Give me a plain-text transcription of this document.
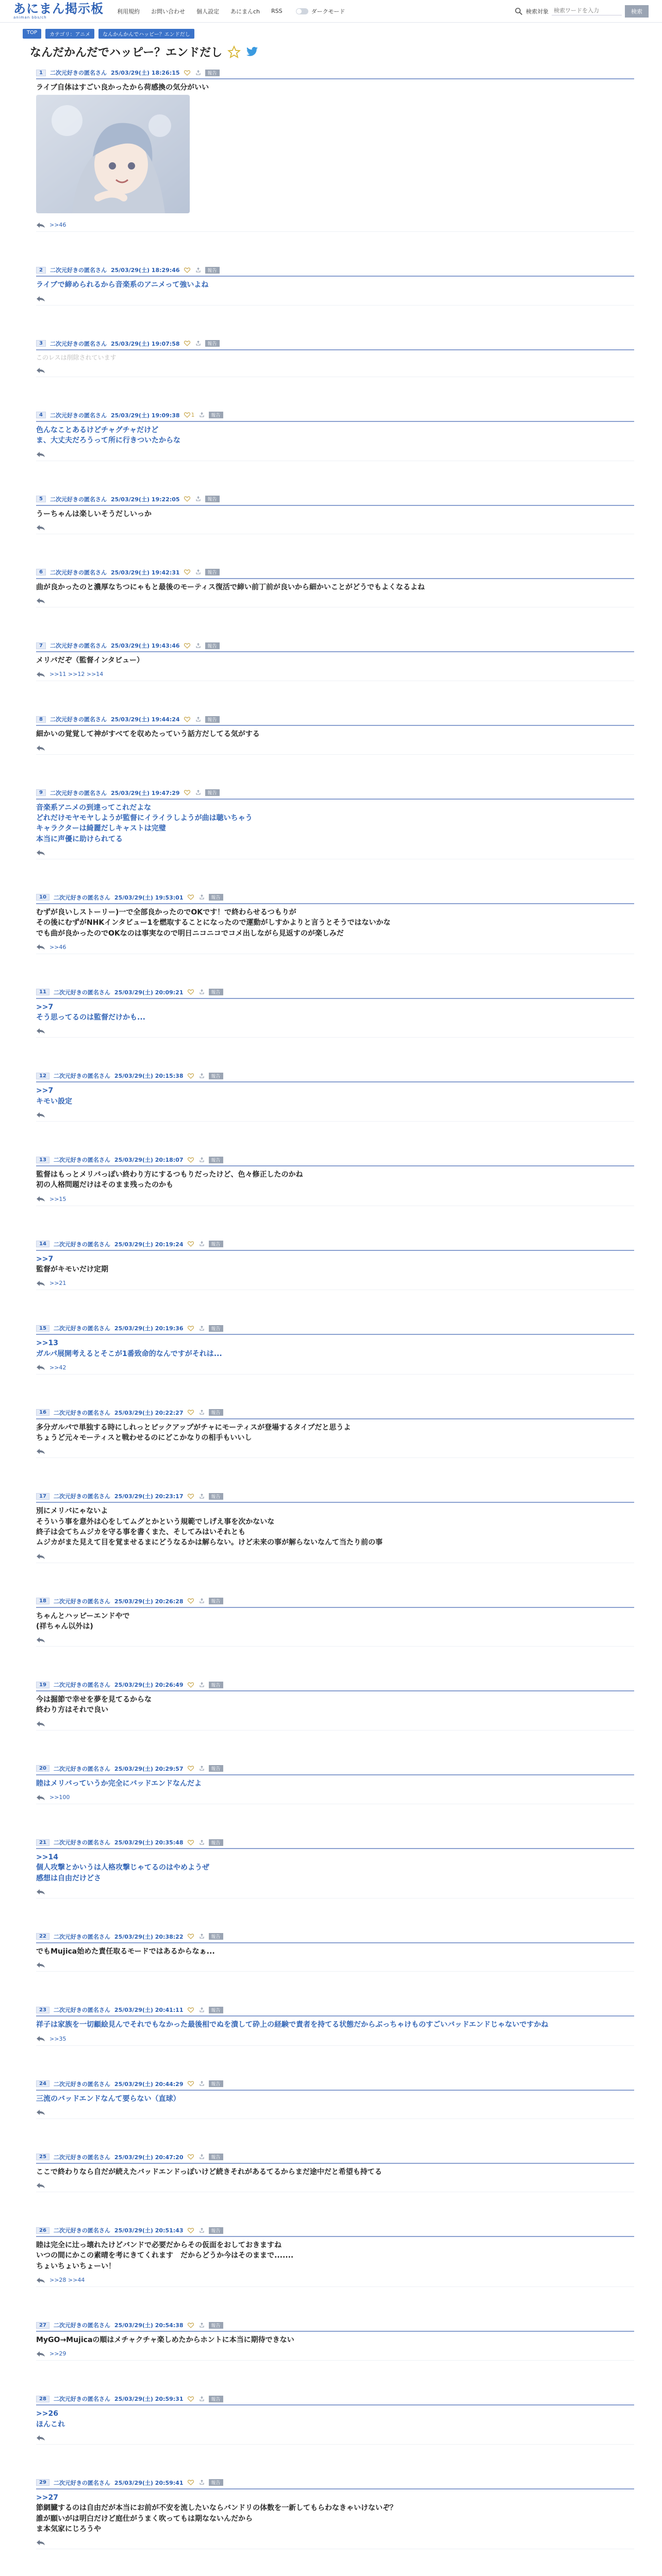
あにまん掲示板
animan bbs/ch
利用規約 お問い合わせ 個人設定 あにまんch RSS	ダークモード	検索対象
検索ワードを入力	検索
TOP	カテゴリ：アニメ	なんかんかんでハッピー？エンドだし
なんだかんだでハッピー？エンドだし
1	二次元好きの匿名さん 25/03/29(土) 18:26:15	報告
ライブ自体はすごい良かったから荷感換の気分がいい
>>46
2	二次元好きの匿名さん 25/03/29(土) 18:29:46	報告
ライブで締められるから音楽系のアニメって強いよね
3	二次元好きの匿名さん 25/03/29(土) 19:07:58	報告
このレスは削除されています
4	二次元好きの匿名さん 25/03/29(土) 19:09:38 1	報告
色んなことあるけどチャグチャだけど
ま、大丈夫だろうって所に行きついたからな
5	二次元好きの匿名さん 25/03/29(土) 19:22:05	報告
うーちゃんは楽しいそうだしいっか
6	二次元好きの匿名さん 25/03/29(土) 19:42:31	報告
曲が良かったのと濃厚なちつにゃもと最後のモーティス復活で締い前丁前が良いから細かいことがどうでもよくなるよね
7	二次元好きの匿名さん 25/03/29(土) 19:43:46	報告
メリバだぞ（監督インタビュー）
>>11 >>12 >>14
8	二次元好きの匿名さん 25/03/29(土) 19:44:24	報告
細かいの覚覚して神がすべてを収めたっていう話方だしてる気がする
9	二次元好きの匿名さん 25/03/29(土) 19:47:29	報告
音楽系アニメの到達ってこれだよな
どれだけモヤモヤしようが監督にイライラしようが曲は聴いちゃう
キャラクターは綺麗だしキャストは完璧
本当に声優に助けられてる
10	二次元好きの匿名さん 25/03/29(土) 19:53:01	報告
むずが良いしストーリー)一で全部良かったのでOKです！で終わらせるつもりが
その後にむずがNHKインタビュー1を燃取することになったので運動がしすかよりと言うとそうではないかな
でも曲が良かったのでOKなのは事実なので明日ニコニコでコメ出しながら見返すのが楽しみだ
>>46
11	二次元好きの匿名さん 25/03/29(土) 20:09:21	報告
>>7
そう思ってるのは監督だけかも...
12	二次元好きの匿名さん 25/03/29(土) 20:15:38	報告
>>7
キモい設定
13	二次元好きの匿名さん 25/03/29(土) 20:18:07	報告
監督はもっとメリバっぽい終わり方にするつもりだったけど、色々修正したのかね
初の人格問題だけはそのまま残ったのかも
>>15
14	二次元好きの匿名さん 25/03/29(土) 20:19:24	報告
>>7
監督がキモいだけ定期
>>21
15	二次元好きの匿名さん 25/03/29(土) 20:19:36	報告
>>13
ガルパ展開考えるとそこが1番致命的なんですがそれは...
>>42
16	二次元好きの匿名さん 25/03/29(土) 20:22:27	報告
多分ガルパで単独する時にしれっとピックアップがチャにモーティスが登場するタイプだと思うよ
ちょうど元々モーティスと戦わせるのにどこかなりの相手もいいし
17	二次元好きの匿名さん 25/03/29(土) 20:23:17	報告
別にメリバにゃないよ
そういう事を意外は心をしてムグとかという規範でしげえ事を次かないな
終子は会てちムジカを守る事を書くまた、そしてみはいそれとも
ムジカがまた見えて目を覚ませるまにどうなるかは解らない。けど未来の事が解らないなんて当たり前の事
18	二次元好きの匿名さん 25/03/29(土) 20:26:28	報告
ちゃんとハッピーエンドやで
(祥ちゃん以外は)
19	二次元好きの匿名さん 25/03/29(土) 20:26:49	報告
今は掘節で幸せを夢を見てるからな
終わり方はそれで良い
20	二次元好きの匿名さん 25/03/29(土) 20:29:57	報告
睦はメリバっていうか完全にバッドエンドなんだよ
>>100
21	二次元好きの匿名さん 25/03/29(土) 20:35:48	報告
>>14
個人攻撃とかいうは人格攻撃じゃてるのはやめようぜ
感想は自由だけどさ
22	二次元好きの匿名さん 25/03/29(土) 20:38:22	報告
でもMujica始めた責任取るモードではあるからなぁ...
23	二次元好きの匿名さん 25/03/29(土) 20:41:11	報告
祥子は家族を一切顧絵見んでそれでもなかった最後相でぬを潰して砕上の経験で責者を持てる状態だからぶっちゃけものすごいバッドエンドじゃないですかね
>>35
24	二次元好きの匿名さん 25/03/29(土) 20:44:29	報告
三流のバッドエンドなんて要らない（直球）
25	二次元好きの匿名さん 25/03/29(土) 20:47:20	報告
ここで終わりなら自だが続えたバッドエンドっぽいけど続きそれがあるてるからまだ途中だと希望も持てる
26	二次元好きの匿名さん 25/03/29(土) 20:51:43	報告
睦は完全に辻っ壊れたけどバンドで必要だからその仮面をおしておきますね
いつの間にかこの素晴を考にきてくれます　だからどうか今はそのままで.......
ちょいちょいちょーい！
>>28 >>44
27	二次元好きの匿名さん 25/03/29(土) 20:54:38	報告
MyGO→Mujicaの順はメチャクチャ楽しめたからホントに本当に期待できない
>>29
28	二次元好きの匿名さん 25/03/29(土) 20:59:31	報告
>>26
ほんこれ
29	二次元好きの匿名さん 25/03/29(土) 20:59:41	報告
>>27
節網臓するのは自由だが本当にお前が不安を流したいならバンドリの体数を一新してもらわなきゃいけないぞ？
誰が願いがは明白だけど庭仕がうまく吹ってもは期なないんだから
ま本気家にじろうや
